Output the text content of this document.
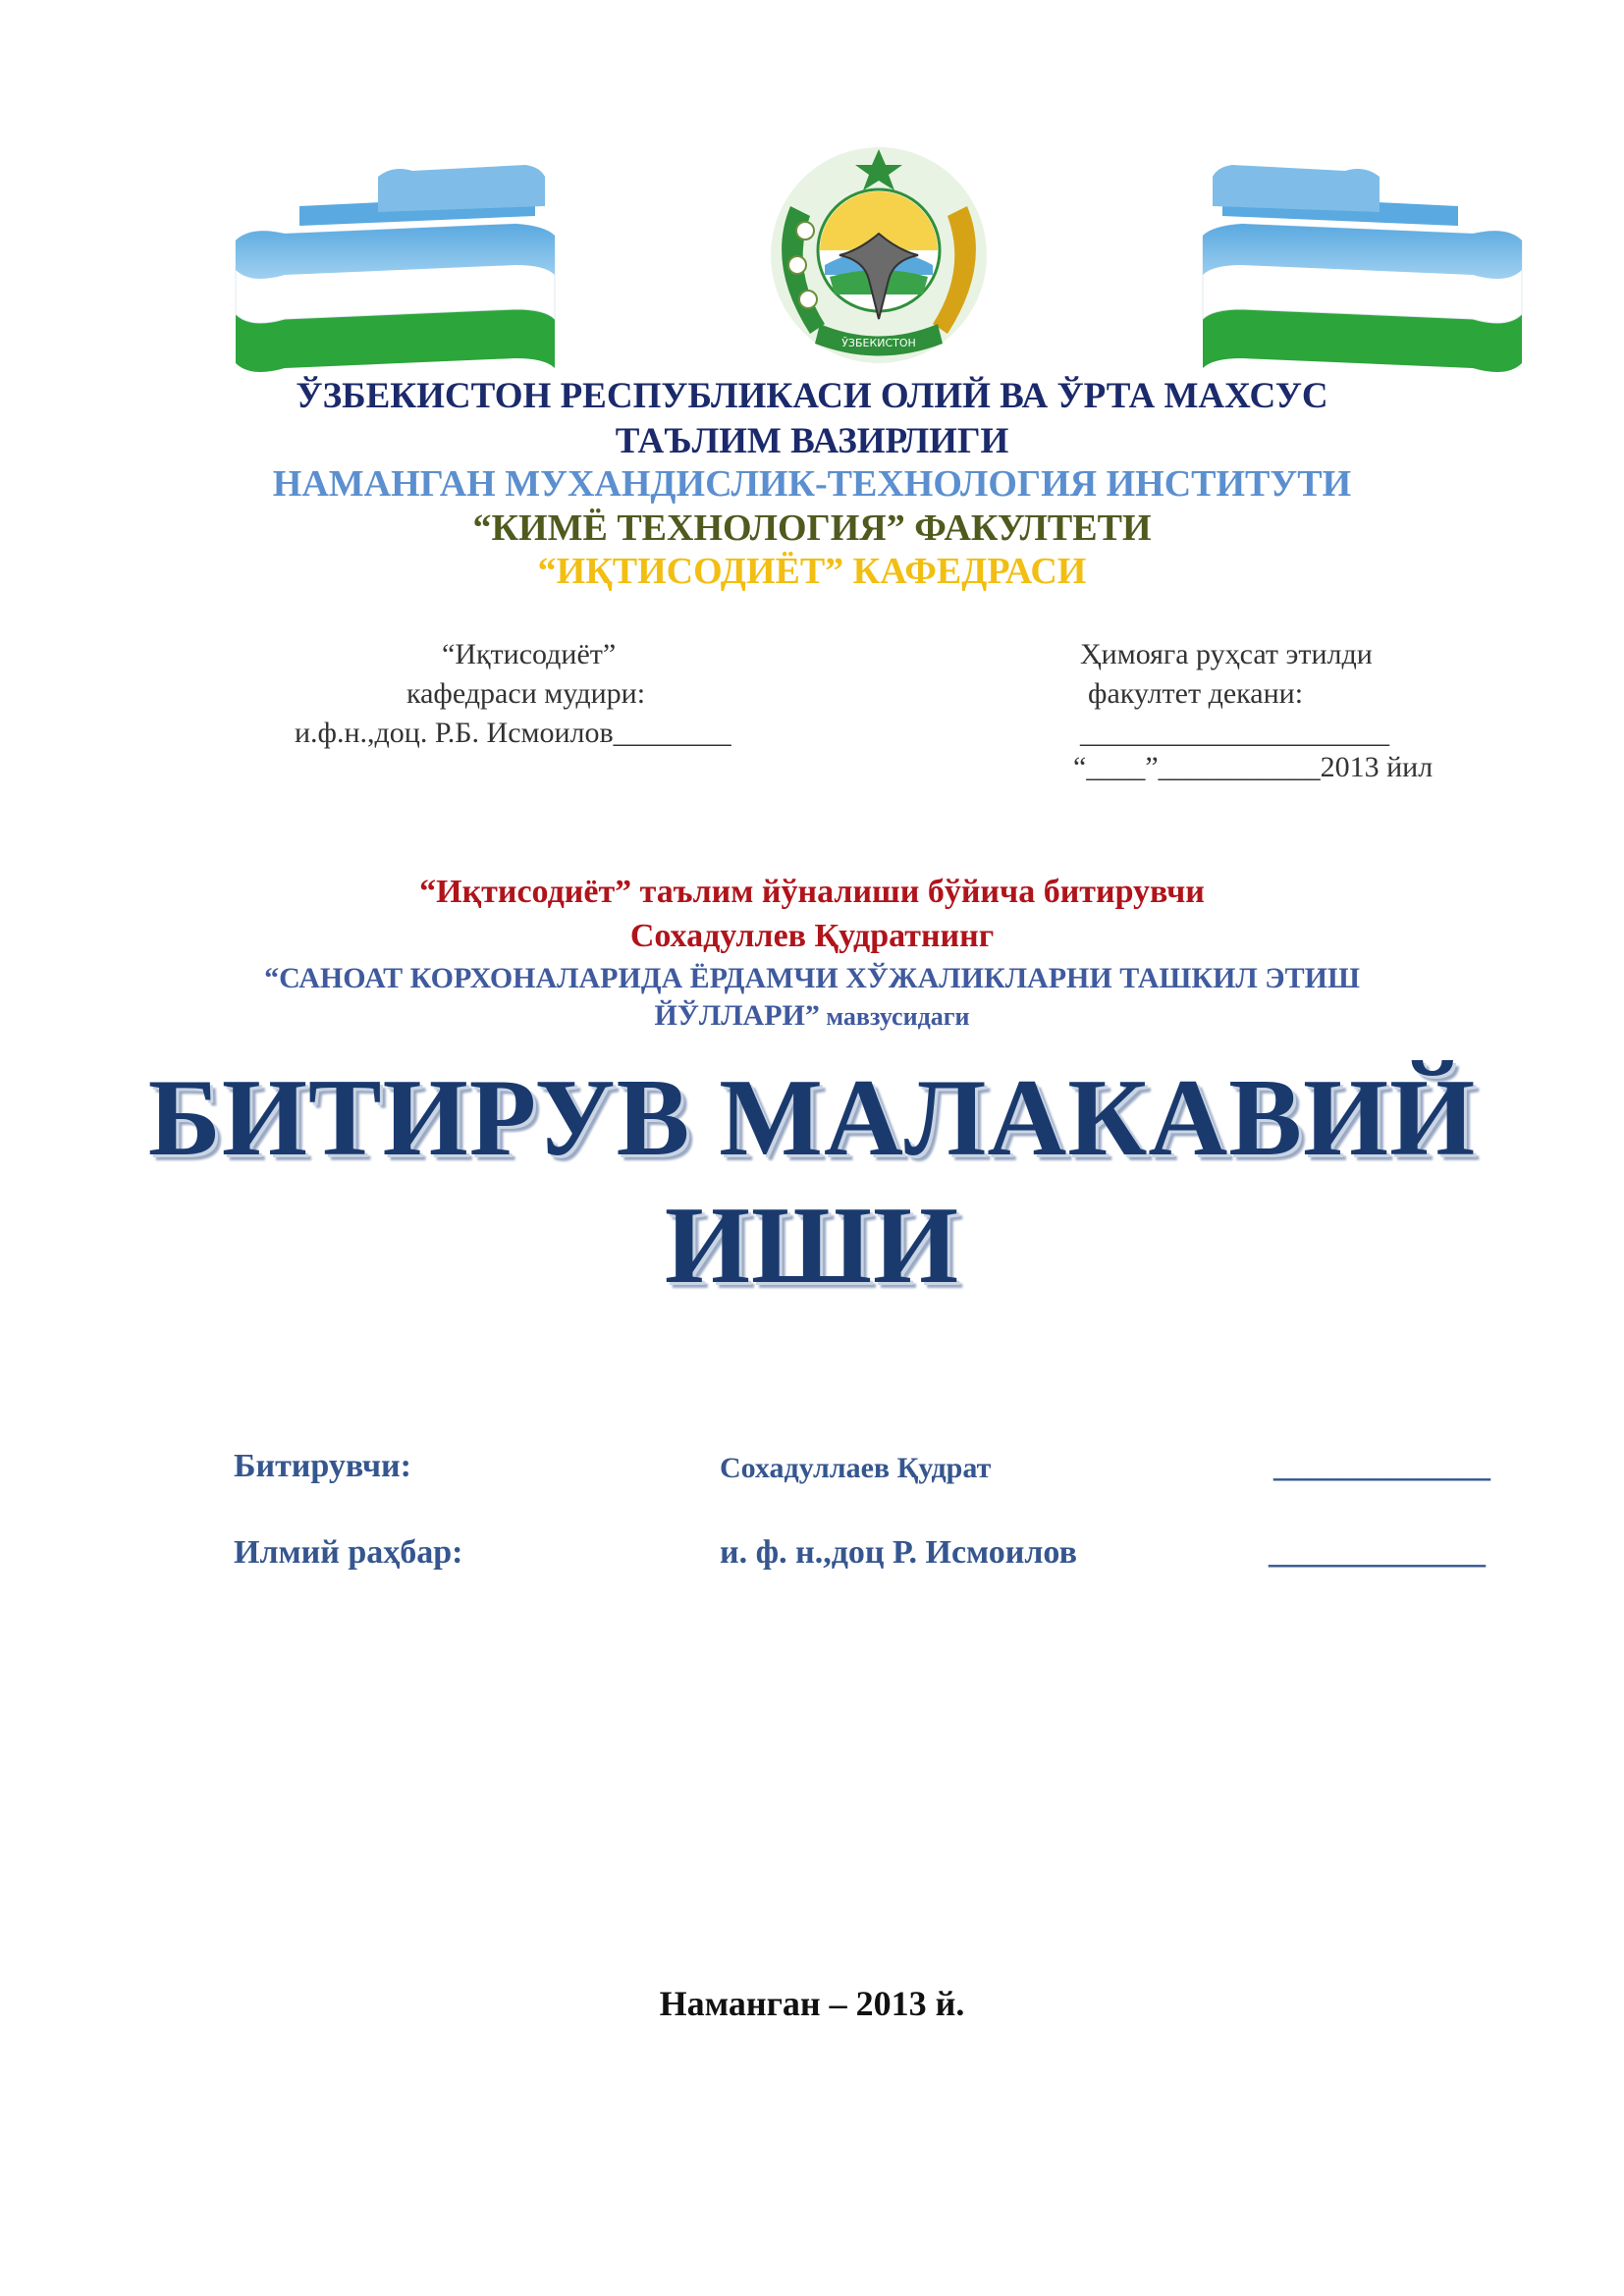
ЎЗБЕКИСТОН
ЎЗБЕКИСТОН РЕСПУБЛИКАСИ ОЛИЙ ВА ЎРТА МАХСУС
ТАЪЛИМ ВАЗИРЛИГИ
НАМАНГАН МУХАНДИСЛИК-ТЕХНОЛОГИЯ ИНСТИТУТИ
“КИМЁ ТЕХНОЛОГИЯ” ФАКУЛТЕТИ
“ИҚТИСОДИЁТ” КАФЕДРАСИ
“Иқтисодиёт”
кафедраси мудири:
и.ф.н.,доц. Р.Б. Исмоилов________
Ҳимояга руҳсат этилди
факултет декани:
_____________________
“____”___________2013 йил
“Иқтисодиёт” таълим йўналиши бўйича битирувчи
Сохадуллев Қудратнинг
“САНОАТ КОРХОНАЛАРИДА ЁРДАМЧИ ХЎЖАЛИКЛАРНИ ТАШКИЛ ЭТИШ
ЙЎЛЛАРИ” мавзусидаги
БИТИРУВ МАЛАКАВИЙ
ИШИ
Битирувчи:	Сохадуллаев Қудрат	_____________
Илмий раҳбар:	и. ф. н.,доц Р. Исмоилов	_____________
Наманган – 2013 й.
